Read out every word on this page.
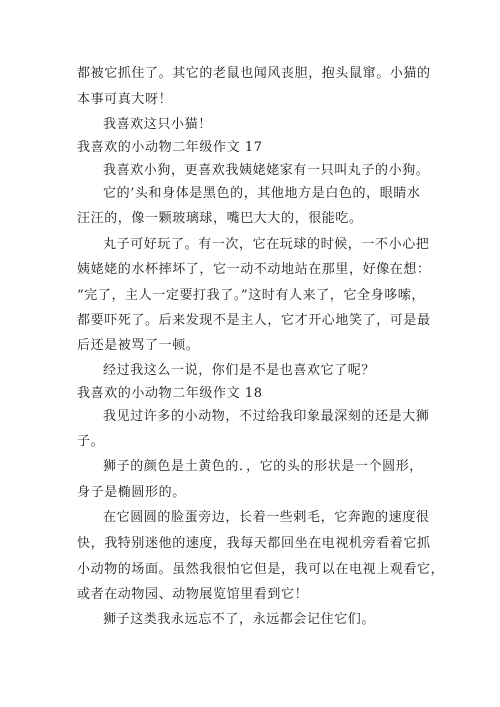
都被它抓住了。其它的老鼠也闻风丧胆，抱头鼠窜。小猫的
本事可真大呀！
我喜欢这只小猫！
我喜欢的小动物二年级作文 17
我喜欢小狗，更喜欢我姨姥姥家有一只叫丸子的小狗。
它的’头和身体是黑色的，其他地方是白色的，眼睛水
汪汪的，像一颗玻璃球，嘴巴大大的，很能吃。
丸子可好玩了。有一次，它在玩球的时候，一不小心把
姨姥姥的水杯摔坏了，它一动不动地站在那里，好像在想：
“完了，主人一定要打我了。”这时有人来了，它全身哆嗦，
都要吓死了。后来发现不是主人，它才开心地笑了，可是最
后还是被骂了一顿。
经过我这么一说，你们是不是也喜欢它了呢？
我喜欢的小动物二年级作文 18
我见过许多的小动物，不过给我印象最深刻的还是大狮
子。
狮子的颜色是土黄色的．，它的头的形状是一个圆形，
身子是椭圆形的。
在它圆圆的脸蛋旁边，长着一些剌毛，它奔跑的速度很
快，我特别迷他的速度，我每天都回坐在电视机旁看着它抓
小动物的场面。虽然我很怕它但是，我可以在电视上观看它，
或者在动物园、动物展览馆里看到它！
狮子这类我永远忘不了，永远都会记住它们。
